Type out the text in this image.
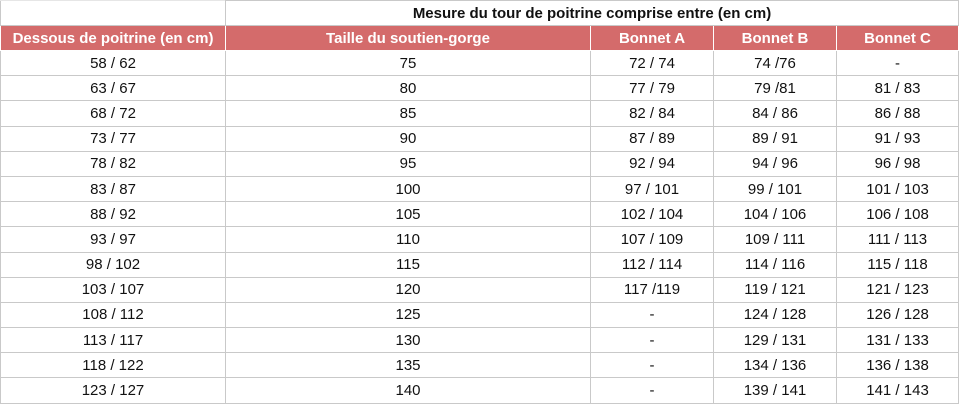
	Mesure du tour de poitrine comprise entre (en cm)			
Dessous de poitrine (en cm)	Taille du soutien-gorge	Bonnet A	Bonnet B	Bonnet C
58 / 62	75	72 / 74	74 /76	-
63 / 67	80	77 / 79	79 /81	81 / 83
68 / 72	85	82 / 84	84 / 86	86 / 88
73 / 77	90	87 / 89	89 / 91	91 / 93
78 / 82	95	92 / 94	94 / 96	96 / 98
83 / 87	100	97 / 101	99 / 101	101 / 103
88 / 92	105	102 / 104	104 / 106	106 / 108
93 / 97	110	107 / 109	109 / 111	111 / 113
98 / 102	115	112 / 114	114 / 116	115 / 118
103 / 107	120	117 /119	119 / 121	121 / 123
108 / 112	125	-	124 / 128	126 / 128
113 / 117	130	-	129 / 131	131 / 133
118 / 122	135	-	134 / 136	136 / 138
123 / 127	140	-	139 / 141	141 / 143
